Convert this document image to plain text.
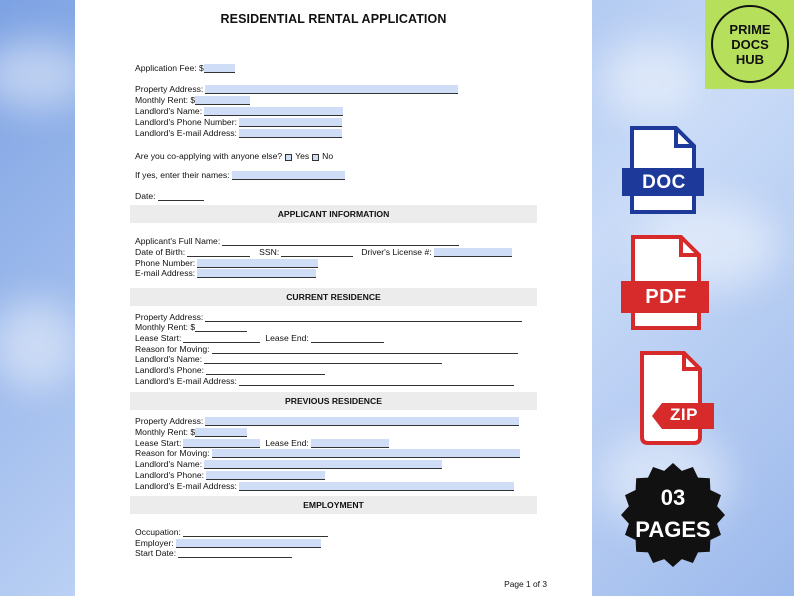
RESIDENTIAL RENTAL APPLICATION
Application Fee: $
Property Address:
Monthly Rent: $
Landlord's Name:
Landlord's Phone Number:
Landlord's E-mail Address:
Are you co-applying with anyone else? Yes No
If yes, enter their names:
Date:
APPLICANT INFORMATION
Applicant's Full Name:
Date of Birth:	SSN:	Driver's License #:
Phone Number:
E-mail Address:
CURRENT RESIDENCE
Property Address:
Monthly Rent: $
Lease Start:	Lease End:
Reason for Moving:
Landlord's Name:
Landlord's Phone:
Landlord's E-mail Address:
PREVIOUS RESIDENCE
Property Address:
Monthly Rent: $
Lease Start:	Lease End:
Reason for Moving:
Landlord's Name:
Landlord's Phone:
Landlord's E-mail Address:
EMPLOYMENT
Occupation:
Employer:
Start Date:
Page 1 of 3
PRIME
DOCS
HUB
DOC
PDF
ZIP
03
PAGES
